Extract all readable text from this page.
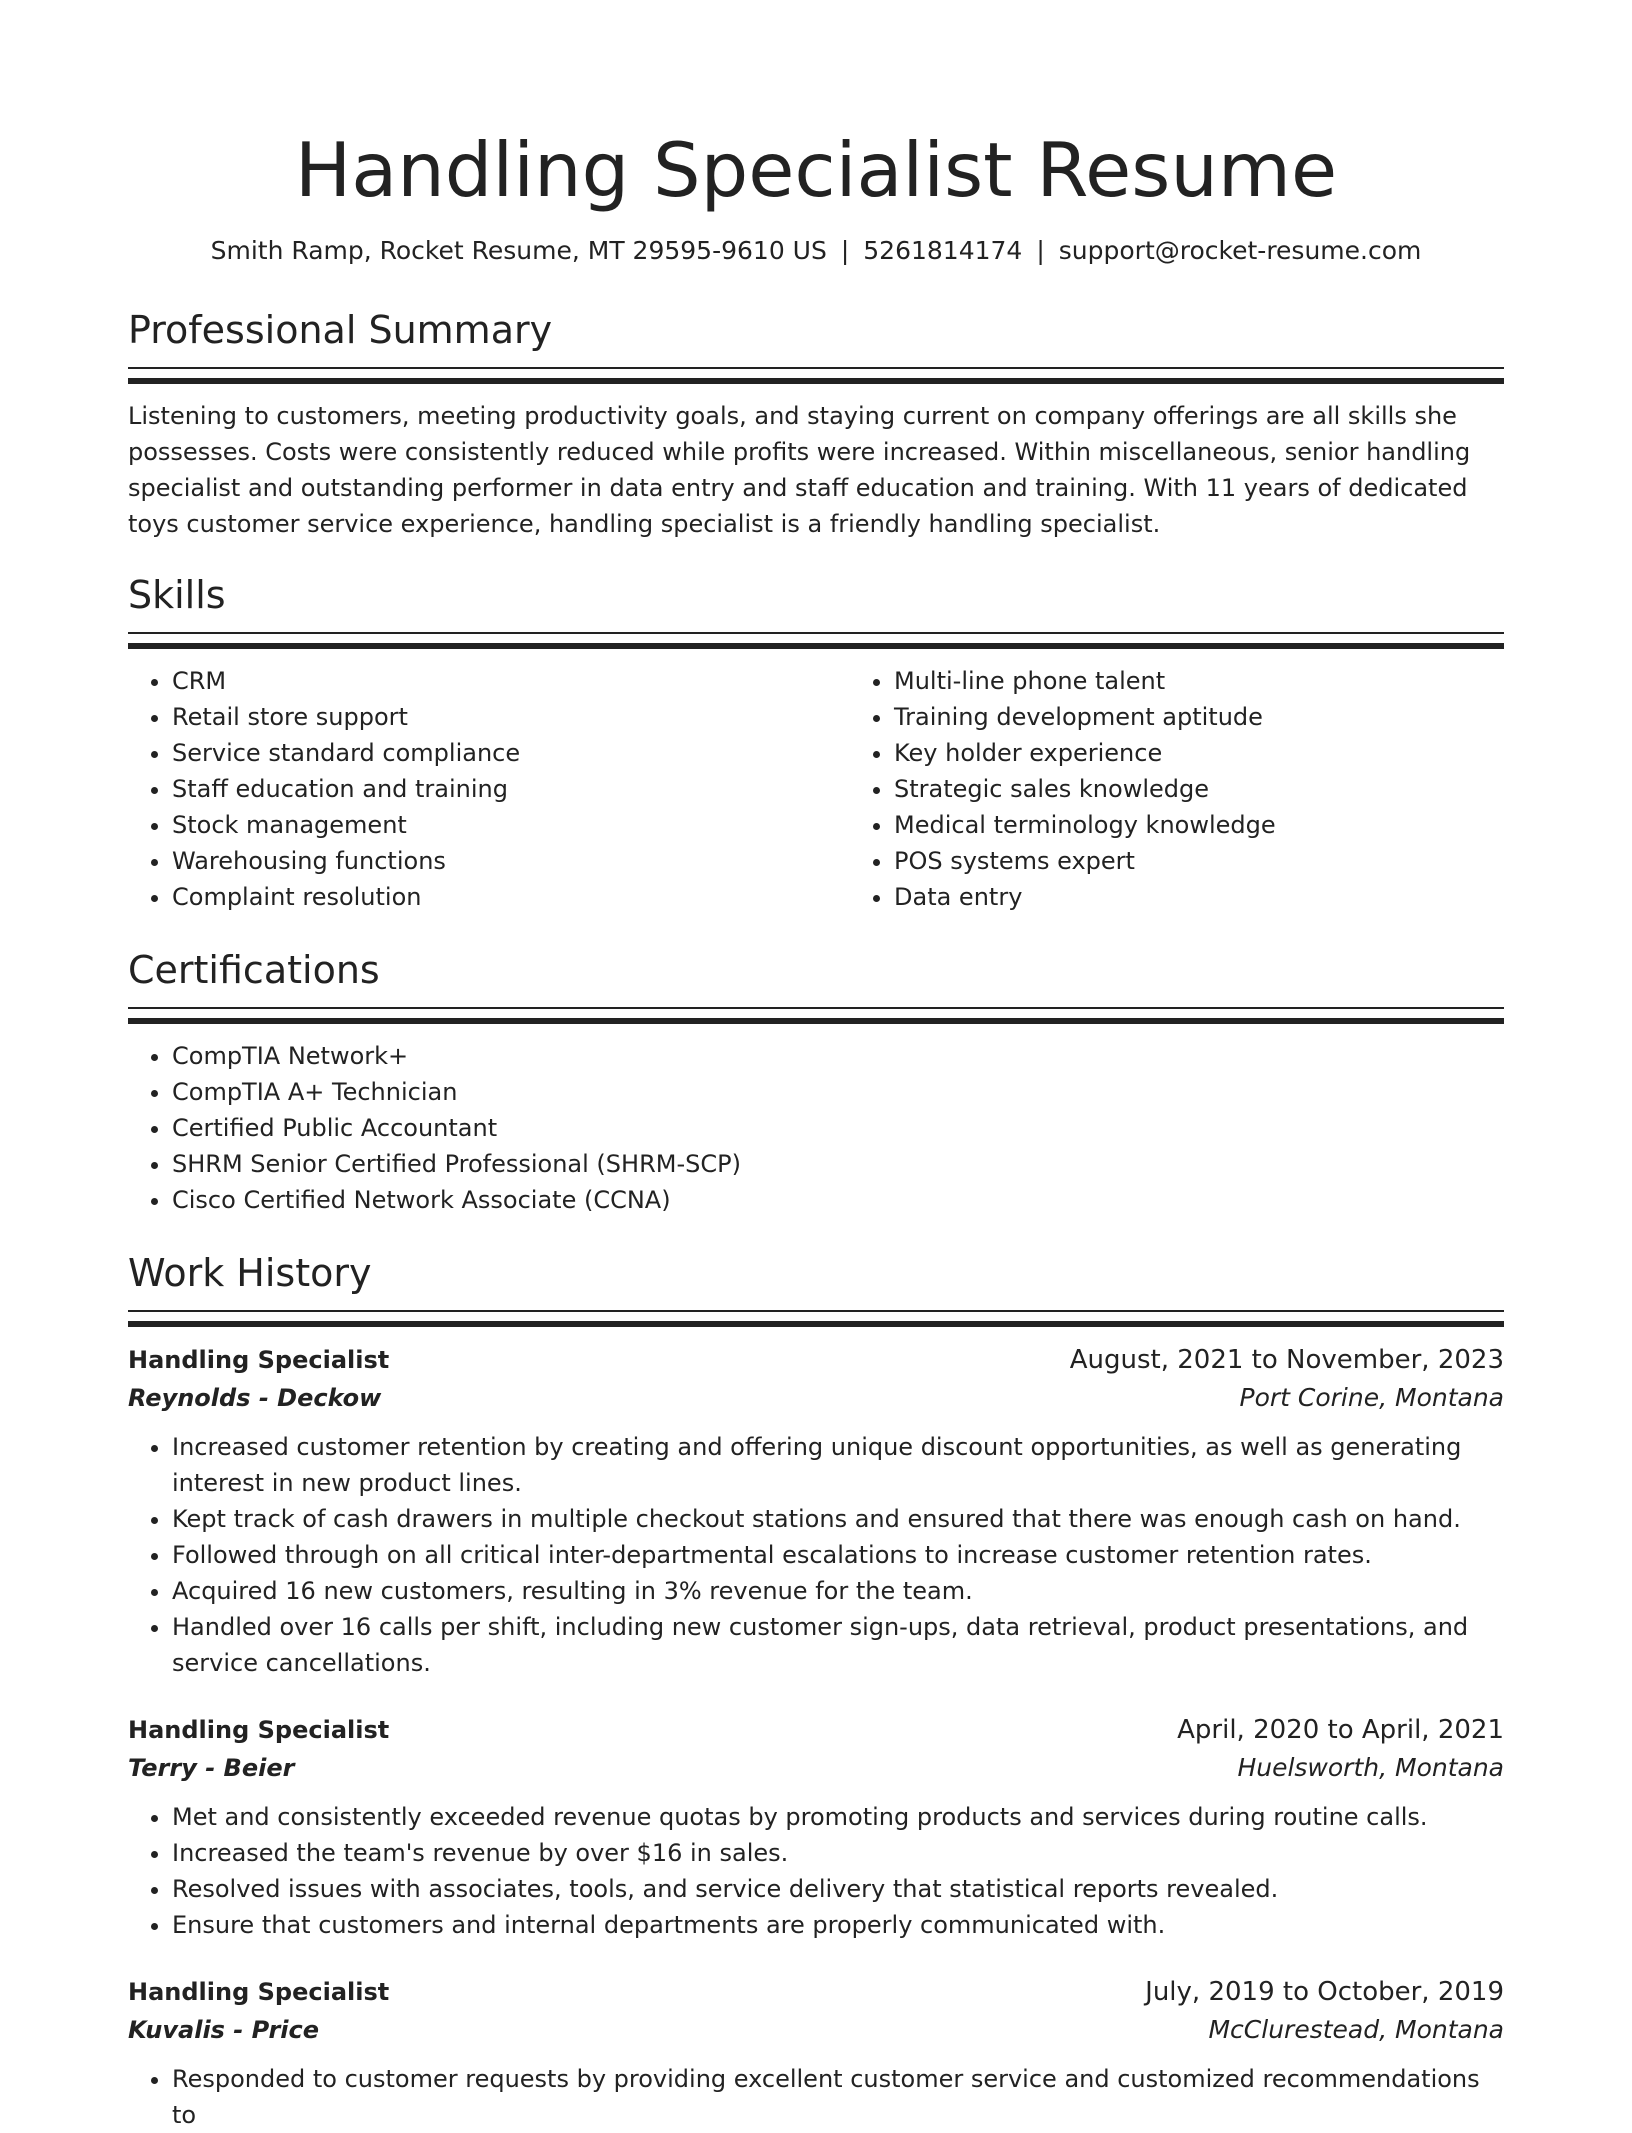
Handling Specialist Resume
Smith Ramp, Rocket Resume, MT 29595-9610 US | 5261814174 | support@rocket-resume.com
Professional Summary

Listening to customers, meeting productivity goals, and staying current on company offerings are all skills she possesses. Costs were consistently reduced while profits were increased. Within miscellaneous, senior handling specialist and outstanding performer in data entry and staff education and training. With 11 years of dedicated toys customer service experience, handling specialist is a friendly handling specialist.

Skills
• CRM
• Retail store support
• Service standard compliance
• Staff education and training
• Stock management
• Warehousing functions
• Complaint resolution
• Multi-line phone talent
• Training development aptitude
• Key holder experience
• Strategic sales knowledge
• Medical terminology knowledge
• POS systems expert
• Data entry
Certifications
• CompTIA Network+
• CompTIA A+ Technician
• Certified Public Accountant
• SHRM Senior Certified Professional (SHRM-SCP)
• Cisco Certified Network Associate (CCNA)
Work History
Handling Specialist	August, 2021 to November, 2023
Reynolds - Deckow	Port Corine, Montana
• Increased customer retention by creating and offering unique discount opportunities, as well as generating interest in new product lines.
• Kept track of cash drawers in multiple checkout stations and ensured that there was enough cash on hand.
• Followed through on all critical inter-departmental escalations to increase customer retention rates.
• Acquired 16 new customers, resulting in 3% revenue for the team.
• Handled over 16 calls per shift, including new customer sign-ups, data retrieval, product presentations, and service cancellations.
Handling Specialist	April, 2020 to April, 2021
Terry - Beier	Huelsworth, Montana
• Met and consistently exceeded revenue quotas by promoting products and services during routine calls.
• Increased the team's revenue by over $16 in sales.
• Resolved issues with associates, tools, and service delivery that statistical reports revealed.
• Ensure that customers and internal departments are properly communicated with.
Handling Specialist	July, 2019 to October, 2019
Kuvalis - Price	McClurestead, Montana
• Responded to customer requests by providing excellent customer service and customized recommendations to
